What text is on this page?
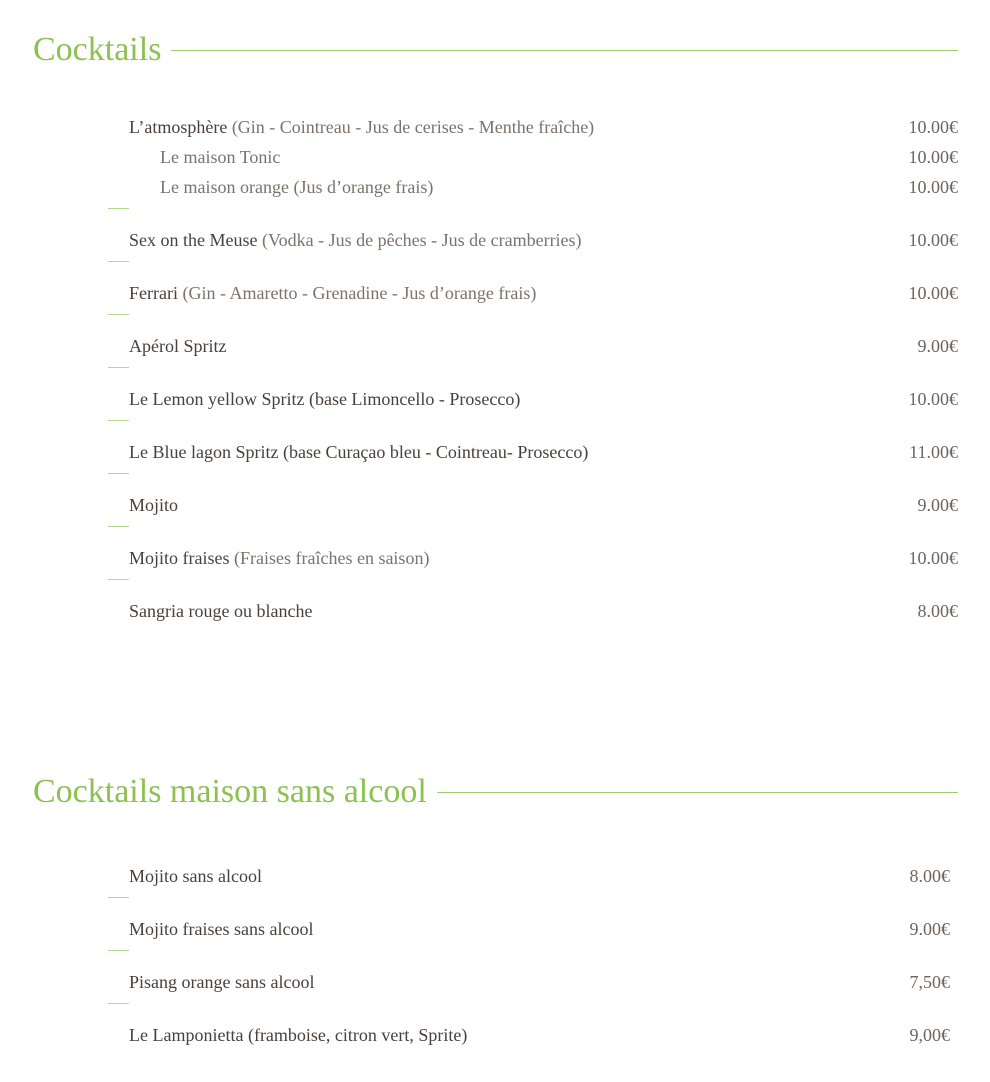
Cocktails
L’atmosphère (Gin - Cointreau - Jus de cerises - Menthe fraîche)	10.00€
Le maison Tonic	10.00€
Le maison orange (Jus d’orange frais)	10.00€
Sex on the Meuse (Vodka - Jus de pêches - Jus de cramberries)	10.00€
Ferrari (Gin - Amaretto - Grenadine - Jus d’orange frais)	10.00€
Apérol Spritz	9.00€
Le Lemon yellow Spritz (base Limoncello - Prosecco)	10.00€
Le Blue lagon Spritz (base Curaçao bleu - Cointreau- Prosecco)	11.00€
Mojito	9.00€
Mojito fraises (Fraises fraîches en saison)	10.00€
Sangria rouge ou blanche	8.00€
Cocktails maison sans alcool
Mojito sans alcool	8.00€
Mojito fraises sans alcool	9.00€
Pisang orange sans alcool	7,50€
Le Lamponietta (framboise, citron vert, Sprite)	9,00€
